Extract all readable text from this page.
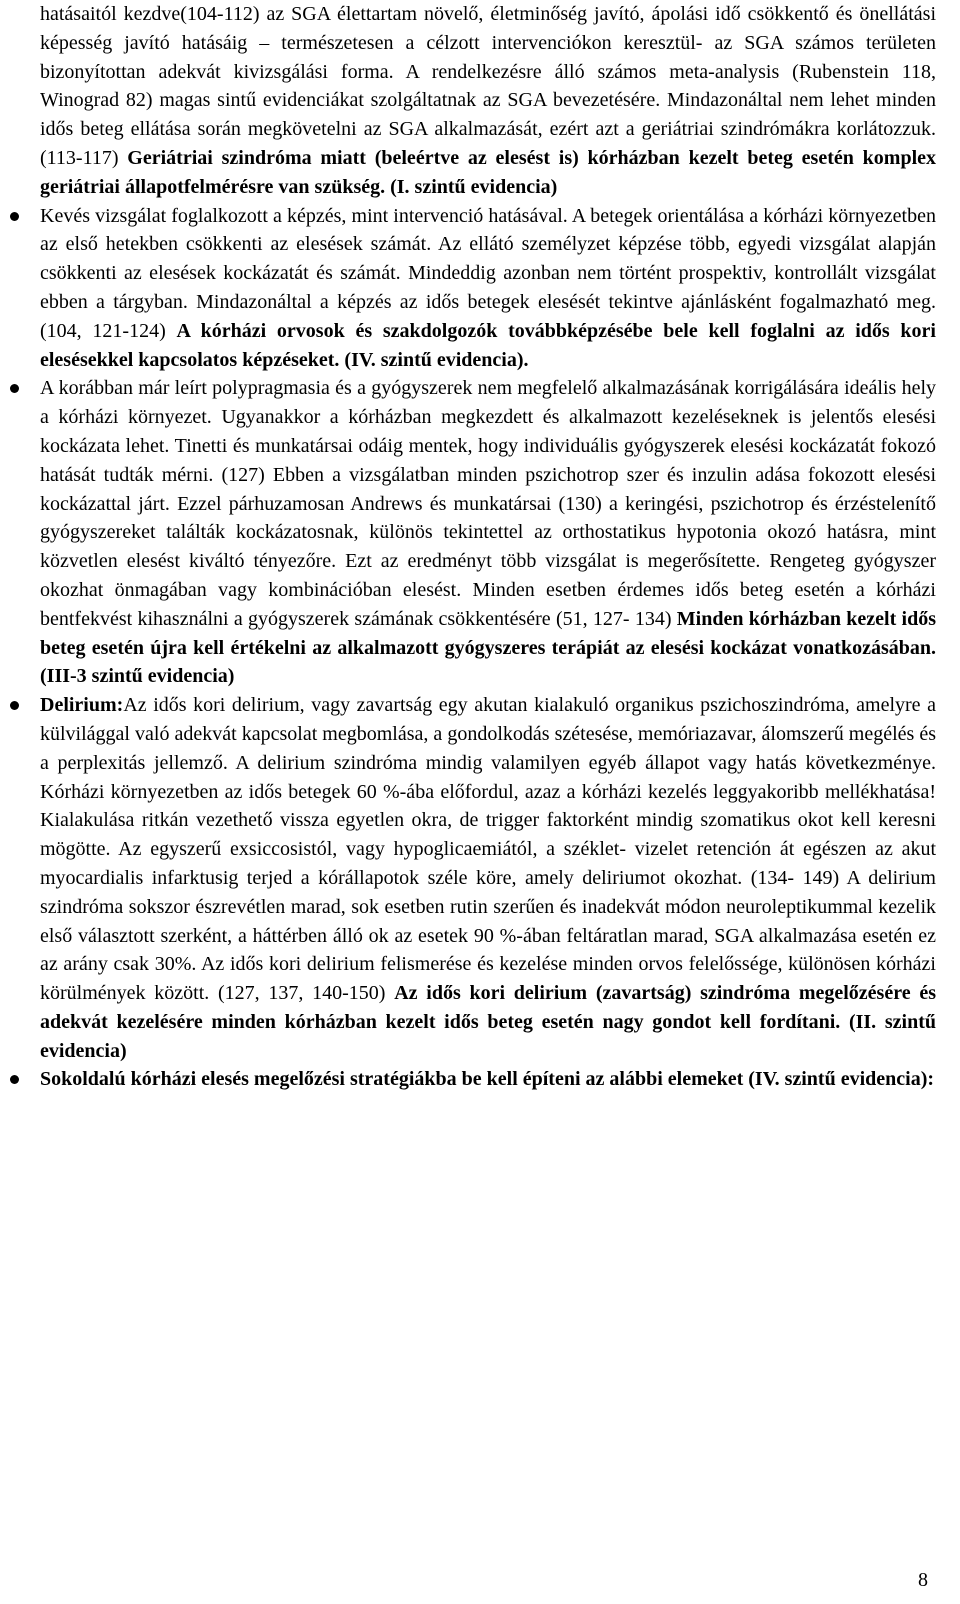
hatásaitól kezdve(104-112) az SGA élettartam növelő, életminőség javító, ápolási idő csökkentő és önellátási képesség javító hatásáig – természetesen a célzott intervenciókon keresztül- az SGA számos területen bizonyítottan adekvát kivizsgálási forma. A rendelkezésre álló számos meta-analysis (Rubenstein 118, Winograd 82) magas sintű evidenciákat szolgáltatnak az SGA bevezetésére. Mindazonáltal nem lehet minden idős beteg ellátása során megkövetelni az SGA alkalmazását, ezért azt a geriátriai szindrómákra korlátozzuk. (113-117) Geriátriai szindróma miatt (beleértve az elesést is) kórházban kezelt beteg esetén komplex geriátriai állapotfelmérésre van szükség. (I. szintű evidencia)

Kevés vizsgálat foglalkozott a képzés, mint intervenció hatásával. A betegek orientálása a kórházi környezetben az első hetekben csökkenti az elesések számát. Az ellátó személyzet képzése több, egyedi vizsgálat alapján csökkenti az elesések kockázatát és számát. Mindeddig azonban nem történt prospektiv, kontrollált vizsgálat ebben a tárgyban. Mindazonáltal a képzés az idős betegek elesését tekintve ajánlásként fogalmazható meg. (104, 121-124) A kórházi orvosok és szakdolgozók továbbképzésébe bele kell foglalni az idős kori elesésekkel kapcsolatos képzéseket. (IV. szintű evidencia).

A korábban már leírt polypragmasia és a gyógyszerek nem megfelelő alkalmazásának korrigálására ideális hely a kórházi környezet. Ugyanakkor a kórházban megkezdett és alkalmazott kezeléseknek is jelentős elesési kockázata lehet. Tinetti és munkatársai odáig mentek, hogy individuális gyógyszerek elesési kockázatát fokozó hatását tudták mérni. (127) Ebben a vizsgálatban minden pszichotrop szer és inzulin adása fokozott elesési kockázattal járt. Ezzel párhuzamosan Andrews és munkatársai (130) a keringési, pszichotrop és érzéstelenítő gyógyszereket találták kockázatosnak, különös tekintettel az orthostatikus hypotonia okozó hatásra, mint közvetlen elesést kiváltó tényezőre. Ezt az eredményt több vizsgálat is megerősítette. Rengeteg gyógyszer okozhat önmagában vagy kombinációban elesést. Minden esetben érdemes idős beteg esetén a kórházi bentfekvést kihasználni a gyógyszerek számának csökkentésére (51, 127- 134) Minden kórházban kezelt idős beteg esetén újra kell értékelni az alkalmazott gyógyszeres terápiát az elesési kockázat vonatkozásában. (III-3 szintű evidencia)

Delirium:Az idős kori delirium, vagy zavartság egy akutan kialakuló organikus pszichoszindróma, amelyre a külvilággal való adekvát kapcsolat megbomlása, a gondolkodás szétesése, memóriazavar, álomszerű megélés és a perplexitás jellemző. A delirium szindróma mindig valamilyen egyéb állapot vagy hatás következménye. Kórházi környezetben az idős betegek 60 %-ába előfordul, azaz a kórházi kezelés leggyakoribb mellékhatása! Kialakulása ritkán vezethető vissza egyetlen okra, de trigger faktorként mindig szomatikus okot kell keresni mögötte. Az egyszerű exsiccosistól, vagy hypoglicaemiától, a széklet- vizelet retención át egészen az akut myocardialis infarktusig terjed a kórállapotok széle köre, amely deliriumot okozhat. (134- 149) A delirium szindróma sokszor észrevétlen marad, sok esetben rutin szerűen és inadekvát módon neuroleptikummal kezelik első választott szerként, a háttérben álló ok az esetek 90 %-ában feltáratlan marad, SGA alkalmazása esetén ez az arány csak 30%. Az idős kori delirium felismerése és kezelése minden orvos felelőssége, különösen kórházi körülmények között. (127, 137, 140-150) Az idős kori delirium (zavartság) szindróma megelőzésére és adekvát kezelésére minden kórházban kezelt idős beteg esetén nagy gondot kell fordítani. (II. szintű evidencia)

Sokoldalú kórházi elesés megelőzési stratégiákba be kell építeni az alábbi elemeket (IV. szintű evidencia):

8
